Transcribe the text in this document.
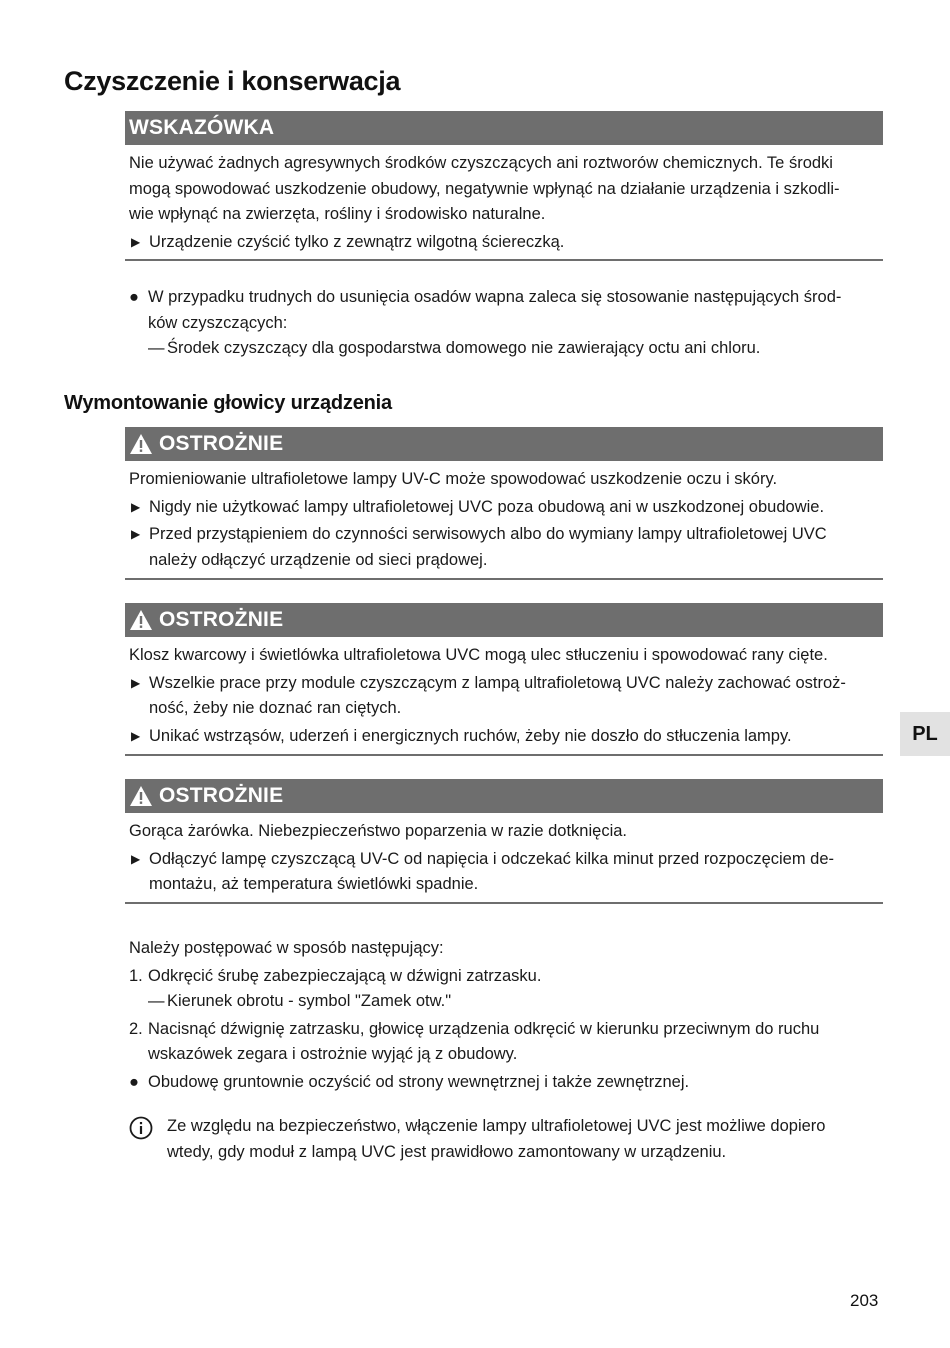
Czyszczenie i konserwacja
WSKAZÓWKA
Nie używać żadnych agresywnych środków czyszczących ani roztworów chemicznych. Te środki
mogą spowodować uszkodzenie obudowy, negatywnie wpłynąć na działanie urządzenia i szkodli-
wie wpłynąć na zwierzęta, rośliny i środowisko naturalne.
▶ Urządzenie czyścić tylko z zewnątrz wilgotną ściereczką.
● W przypadku trudnych do usunięcia osadów wapna zaleca się stosowanie następujących środ-
ków czyszczących:
— Środek czyszczący dla gospodarstwa domowego nie zawierający octu ani chloru.
Wymontowanie głowicy urządzenia
OSTROŻNIE
Promieniowanie ultrafioletowe lampy UV-C może spowodować uszkodzenie oczu i skóry.
▶ Nigdy nie użytkować lampy ultrafioletowej UVC poza obudową ani w uszkodzonej obudowie.
▶ Przed przystąpieniem do czynności serwisowych albo do wymiany lampy ultrafioletowej UVC
należy odłączyć urządzenie od sieci prądowej.
OSTROŻNIE
Klosz kwarcowy i świetlówka ultrafioletowa UVC mogą ulec stłuczeniu i spowodować rany cięte.
▶ Wszelkie prace przy module czyszczącym z lampą ultrafioletową UVC należy zachować ostroż-
ność, żeby nie doznać ran ciętych.
▶ Unikać wstrząsów, uderzeń i energicznych ruchów, żeby nie doszło do stłuczenia lampy.
OSTROŻNIE
Gorąca żarówka. Niebezpieczeństwo poparzenia w razie dotknięcia.
▶ Odłączyć lampę czyszczącą UV-C od napięcia i odczekać kilka minut przed rozpoczęciem de-
montażu, aż temperatura świetlówki spadnie.
Należy postępować w sposób następujący:
1. Odkręcić śrubę zabezpieczającą w dźwigni zatrzasku.
— Kierunek obrotu - symbol "Zamek otw."
2. Nacisnąć dźwignię zatrzasku, głowicę urządzenia odkręcić w kierunku przeciwnym do ruchu
wskazówek zegara i ostrożnie wyjąć ją z obudowy.
● Obudowę gruntownie oczyścić od strony wewnętrznej i także zewnętrznej.
Ze względu na bezpieczeństwo, włączenie lampy ultrafioletowej UVC jest możliwe dopiero
wtedy, gdy moduł z lampą UVC jest prawidłowo zamontowany w urządzeniu.
PL
203
